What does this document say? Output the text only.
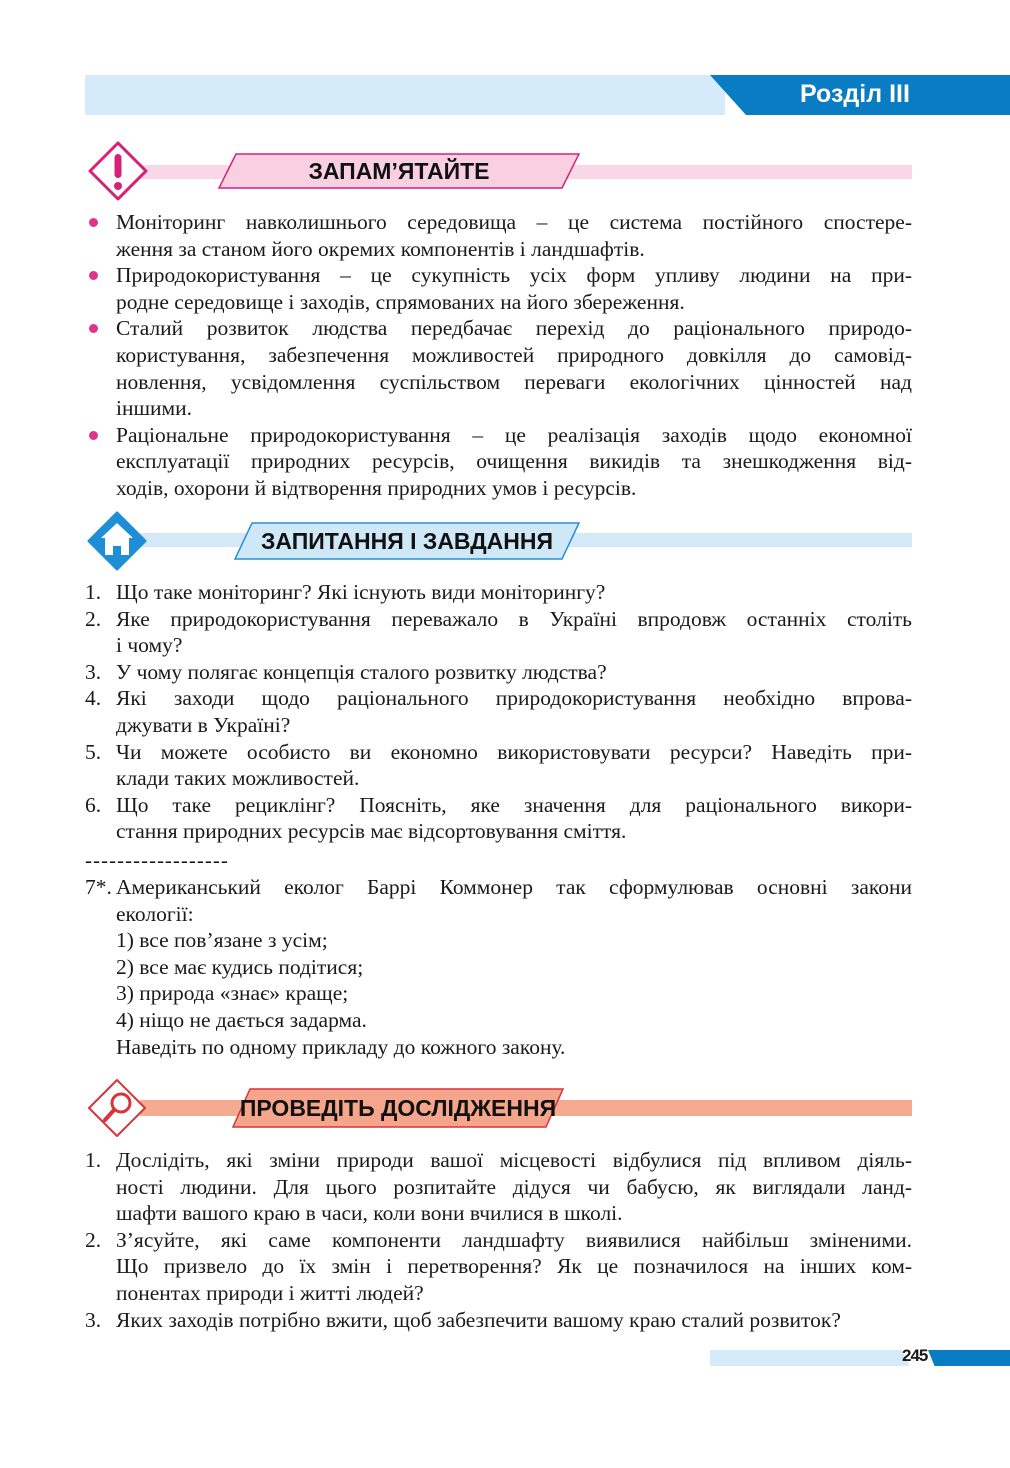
Розділ III
ЗАПАМ’ЯТАЙТЕ
Моніторинг навколишнього середовища – це система постійного спостере-
ження за станом його окремих компонентів і ландшафтів.
Природокористування – це сукупність усіх форм упливу людини на при-
родне середовище і заходів, спрямованих на його збереження.
Сталий розвиток людства передбачає перехід до раціонального природо-
користування, забезпечення можливостей природного довкілля до самовід-
новлення, усвідомлення суспільством переваги екологічних цінностей над
іншими.
Раціональне природокористування – це реалізація заходів щодо економної
експлуатації природних ресурсів, очищення викидів та знешкодження від-
ходів, охорони й відтворення природних умов і ресурсів.
ЗАПИТАННЯ І ЗАВДАННЯ
1. Що таке моніторинг? Які існують види моніторингу?
2. Яке природокористування переважало в Україні впродовж останніх століть
і чому?
3. У чому полягає концепція сталого розвитку людства?
4. Які заходи щодо раціонального природокористування необхідно впрова-
джувати в Україні?
5. Чи можете особисто ви економно використовувати ресурси? Наведіть при-
клади таких можливостей.
6. Що таке рециклінг? Поясніть, яке значення для раціонального викори-
стання природних ресурсів має відсортовування сміття.
------------------
7*. Американський еколог Баррі Коммонер так сформулював основні закони
екології:
1) все пов’язане з усім;
2) все має кудись подітися;
3) природа «знає» краще;
4) ніщо не дається задарма.
Наведіть по одному прикладу до кожного закону.
ПРОВЕДІТЬ ДОСЛІДЖЕННЯ
1. Дослідіть, які зміни природи вашої місцевості відбулися під впливом діяль-
ності людини. Для цього розпитайте дідуся чи бабусю, як виглядали ланд-
шафти вашого краю в часи, коли вони вчилися в школі.
2. З’ясуйте, які саме компоненти ландшафту виявилися найбільш зміненими.
Що призвело до їх змін і перетворення? Як це позначилося на інших ком-
понентах природи і житті людей?
3. Яких заходів потрібно вжити, щоб забезпечити вашому краю сталий розвиток?
245
